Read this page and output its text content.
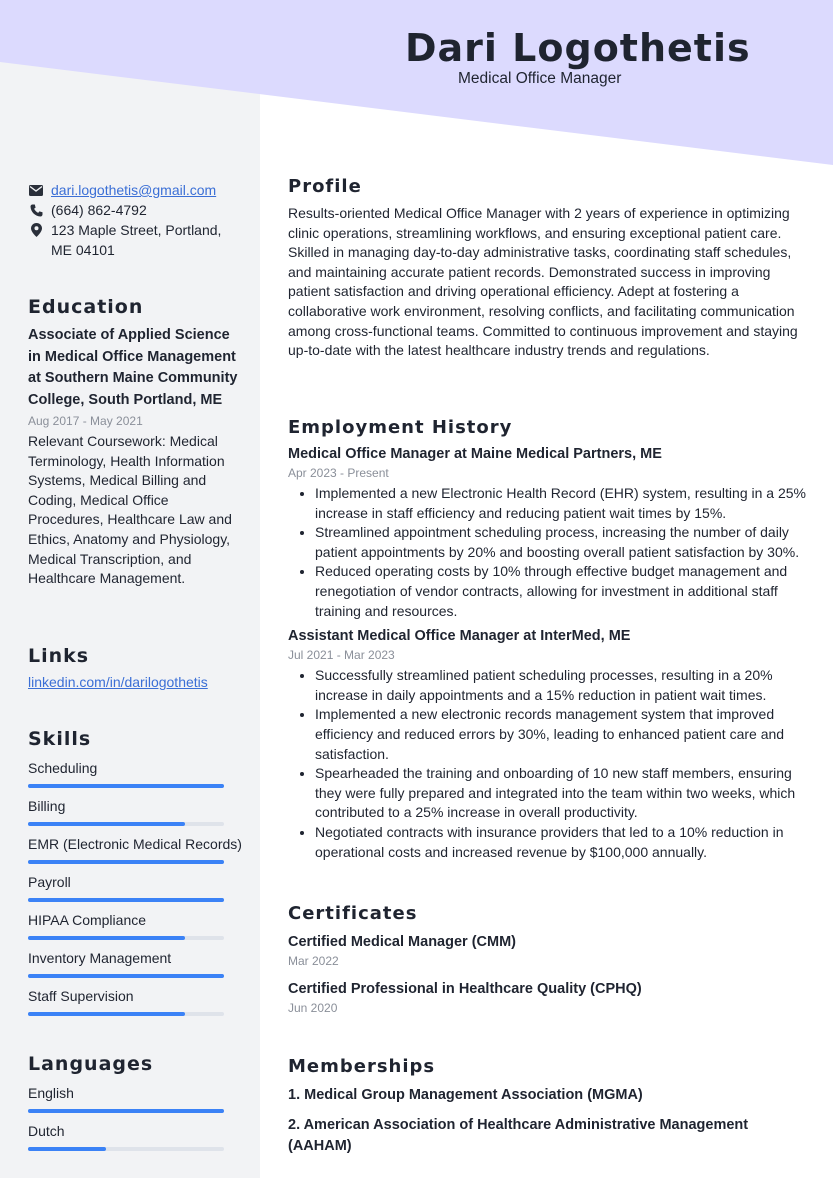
Dari Logothetis
Medical Office Manager
dari.logothetis@gmail.com
(664) 862-4792
123 Maple Street, Portland,
ME 04101
Education
Associate of Applied Science in Medical Office Management at Southern Maine Community College, South Portland, ME
Aug 2017 - May 2021
Relevant Coursework: Medical Terminology, Health Information Systems, Medical Billing and Coding, Medical Office Procedures, Healthcare Law and Ethics, Anatomy and Physiology, Medical Transcription, and Healthcare Management.
Links
linkedin.com/in/darilogothetis
Skills
Scheduling
Billing
EMR (Electronic Medical Records)
Payroll
HIPAA Compliance
Inventory Management
Staff Supervision
Languages
English
Dutch
Profile
Results-oriented Medical Office Manager with 2 years of experience in optimizing clinic operations, streamlining workflows, and ensuring exceptional patient care. Skilled in managing day-to-day administrative tasks, coordinating staff schedules, and maintaining accurate patient records. Demonstrated success in improving patient satisfaction and driving operational efficiency. Adept at fostering a collaborative work environment, resolving conflicts, and facilitating communication among cross-functional teams. Committed to continuous improvement and staying up-to-date with the latest healthcare industry trends and regulations.
Employment History
Medical Office Manager at Maine Medical Partners, ME
Apr 2023 - Present
• Implemented a new Electronic Health Record (EHR) system, resulting in a 25% increase in staff efficiency and reducing patient wait times by 15%.
• Streamlined appointment scheduling process, increasing the number of daily patient appointments by 20% and boosting overall patient satisfaction by 30%.
• Reduced operating costs by 10% through effective budget management and renegotiation of vendor contracts, allowing for investment in additional staff training and resources.
Assistant Medical Office Manager at InterMed, ME
Jul 2021 - Mar 2023
• Successfully streamlined patient scheduling processes, resulting in a 20% increase in daily appointments and a 15% reduction in patient wait times.
• Implemented a new electronic records management system that improved efficiency and reduced errors by 30%, leading to enhanced patient care and satisfaction.
• Spearheaded the training and onboarding of 10 new staff members, ensuring they were fully prepared and integrated into the team within two weeks, which contributed to a 25% increase in overall productivity.
• Negotiated contracts with insurance providers that led to a 10% reduction in operational costs and increased revenue by $100,000 annually.
Certificates
Certified Medical Manager (CMM)
Mar 2022
Certified Professional in Healthcare Quality (CPHQ)
Jun 2020
Memberships
1. Medical Group Management Association (MGMA)
2. American Association of Healthcare Administrative Management (AAHAM)
